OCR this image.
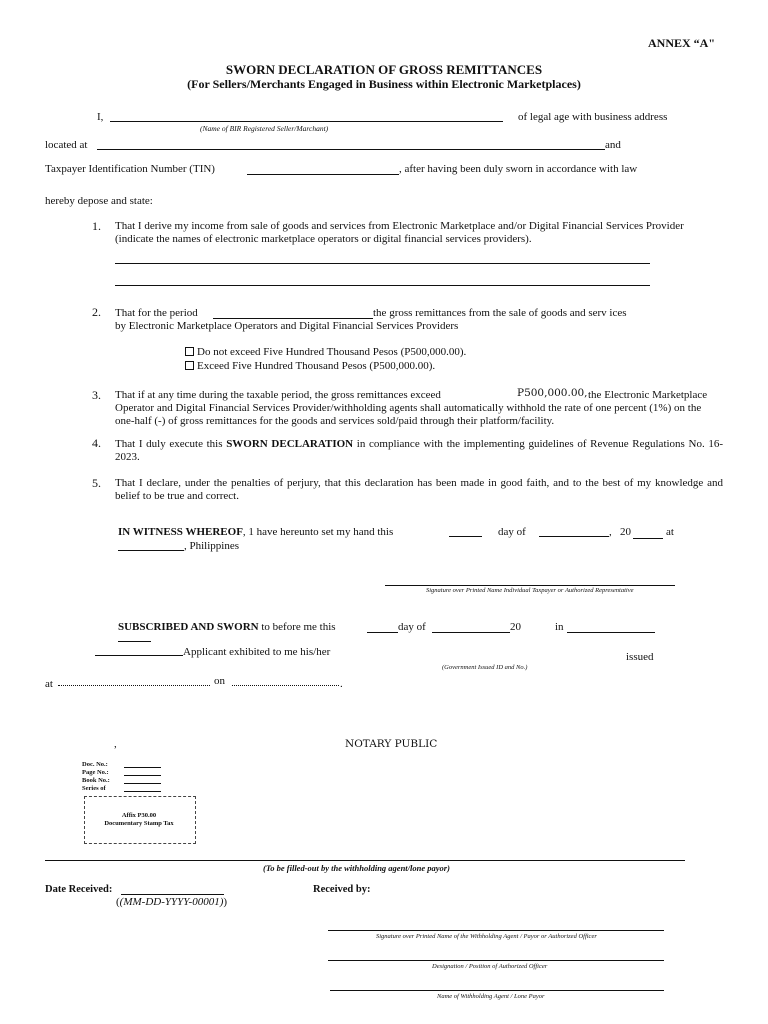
ANNEX “A"
SWORN DECLARATION OF GROSS REMITTANCES
(For Sellers/Merchants Engaged in Business within Electronic Marketplaces)
I,	of legal age with business address
(Name of BIR Registered Seller/Marchant)
located at	and
Taxpayer Identification Number (TIN)	, after having been duly sworn in accordance with law
hereby depose and state:
1. That I derive my income from sale of goods and services from Electronic Marketplace and/or Digital Financial Services Provider (indicate the names of electronic marketplace operators or digital financial services providers).
2. That for the period	the gross remittances from the sale of goods and serv ices
by Electronic Marketplace Operators and Digital Financial Services Providers
Do not exceed Five Hundred Thousand Pesos (P500,000.00).
Exceed Five Hundred Thousand Pesos (P500,000.00).
3. That if at any time during the taxable period, the gross remittances exceed	P500,000.00, the Electronic Marketplace
Operator and Digital Financial Services Provider/withholding agents shall automatically withhold the rate of one percent (1%) on the one-half (-) of gross remittances for the goods and services sold/paid through their platform/facility.
4. That I duly execute this SWORN DECLARATION in compliance with the implementing guidelines of Revenue Regulations No. 16-2023.
5. That I declare, under the penalties of perjury, that this declaration has been made in good faith, and to the best of my knowledge and belief to be true and correct.
IN WITNESS WHEREOF, 1 have hereunto set my hand this	day of	, 20	at
, Philippines
Signature over Printed Name Individual Taxpayer or Authorized Representative
SUBSCRIBED AND SWORN to before me this	day of	20	in
Applicant exhibited to me his/her	issued
(Government Issued ID and No.)
at	on	.
,	NOTARY PUBLIC
Doc. No.:
Page No.:
Book No.:
Series of
Affix P30.00
Documentary Stamp Tax
(To be filled-out by the withholding agent/lone payor)
Date Received:
((MM-DD-YYYY-00001))
Received by:
Signature over Printed Name of the Withholding Agent / Payor or Authorized Officer
Designation / Position of Authorized Officer
Name of Withholding Agent / Lone Payor
